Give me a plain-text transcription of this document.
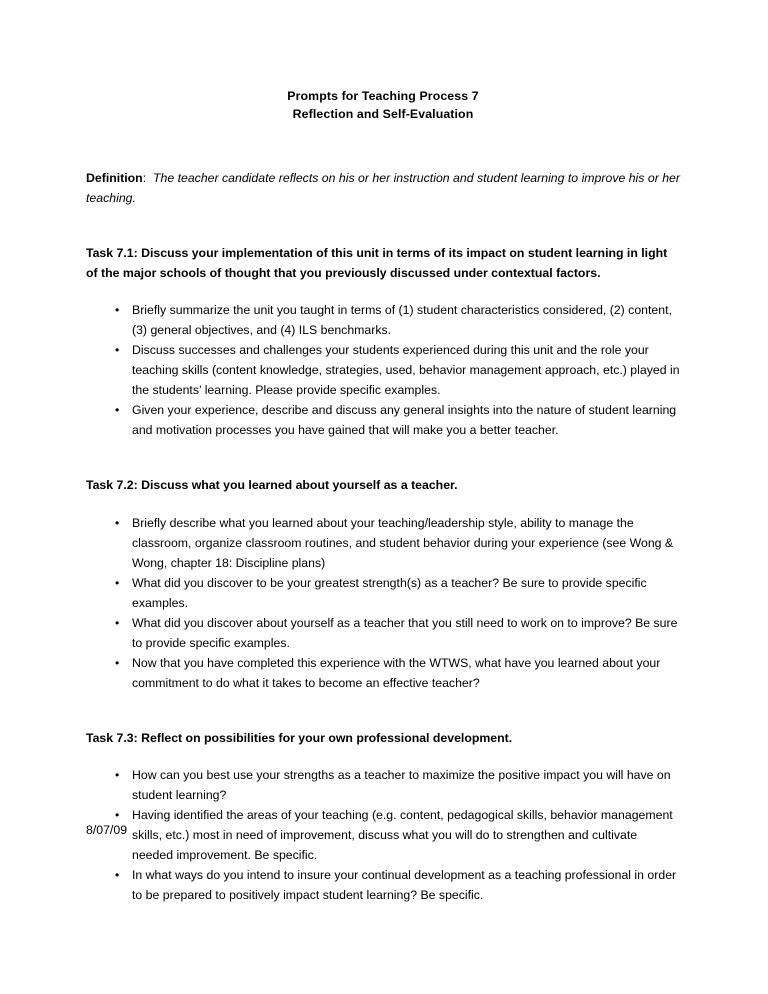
Prompts for Teaching Process 7
Reflection and Self-Evaluation

Definition: The teacher candidate reflects on his or her instruction and student learning to improve his or her teaching.

Task 7.1: Discuss your implementation of this unit in terms of its impact on student learning in light of the major schools of thought that you previously discussed under contextual factors.
• Briefly summarize the unit you taught in terms of (1) student characteristics considered, (2) content, (3) general objectives, and (4) ILS benchmarks.
• Discuss successes and challenges your students experienced during this unit and the role your teaching skills (content knowledge, strategies, used, behavior management approach, etc.) played in the students’ learning. Please provide specific examples.
• Given your experience, describe and discuss any general insights into the nature of student learning and motivation processes you have gained that will make you a better teacher.
Task 7.2: Discuss what you learned about yourself as a teacher.
• Briefly describe what you learned about your teaching/leadership style, ability to manage the classroom, organize classroom routines, and student behavior during your experience (see Wong & Wong, chapter 18: Discipline plans)
• What did you discover to be your greatest strength(s) as a teacher? Be sure to provide specific examples.
• What did you discover about yourself as a teacher that you still need to work on to improve? Be sure to provide specific examples.
• Now that you have completed this experience with the WTWS, what have you learned about your commitment to do what it takes to become an effective teacher?
Task 7.3: Reflect on possibilities for your own professional development.
• How can you best use your strengths as a teacher to maximize the positive impact you will have on student learning?
• Having identified the areas of your teaching (e.g. content, pedagogical skills, behavior management skills, etc.) most in need of improvement, discuss what you will do to strengthen and cultivate needed improvement. Be specific.
• In what ways do you intend to insure your continual development as a teaching professional in order to be prepared to positively impact student learning? Be specific.
8/07/09
